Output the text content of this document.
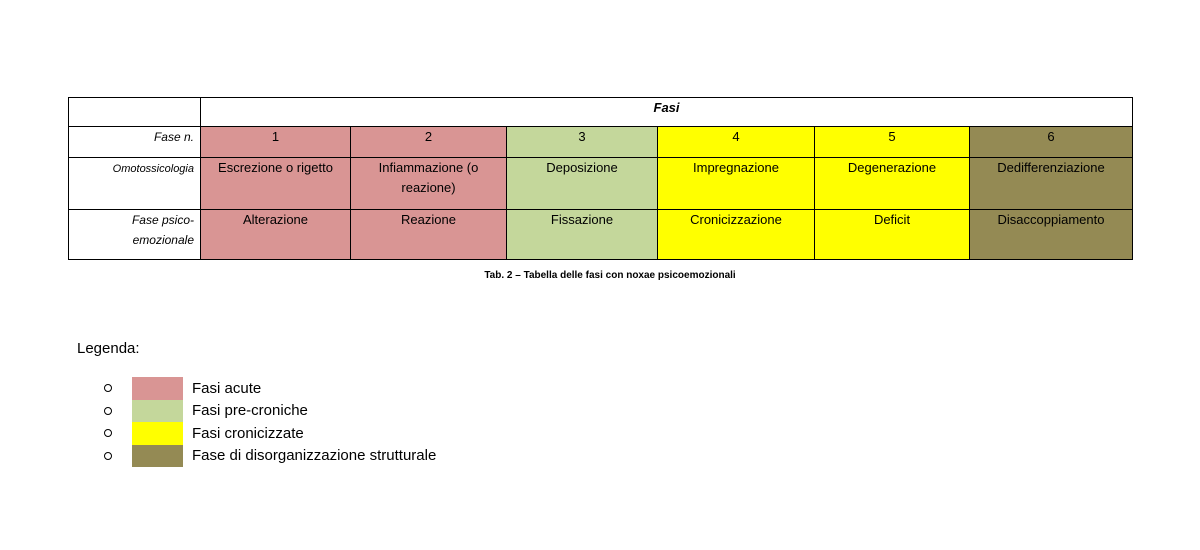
	Fasi					
Fase n.	1	2	3	4	5	6
Omotossicologia	Escrezione o rigetto	Infiammazione (o reazione)	Deposizione	Impregnazione	Degenerazione	Dedifferenziazione
Fase psico-
emozionale	Alterazione	Reazione	Fissazione	Cronicizzazione	Deficit	Disaccoppiamento
Tab. 2 – Tabella delle fasi con noxae psicoemozionali
Legenda:
Fasi acute
Fasi pre-croniche
Fasi cronicizzate
Fase di disorganizzazione strutturale
